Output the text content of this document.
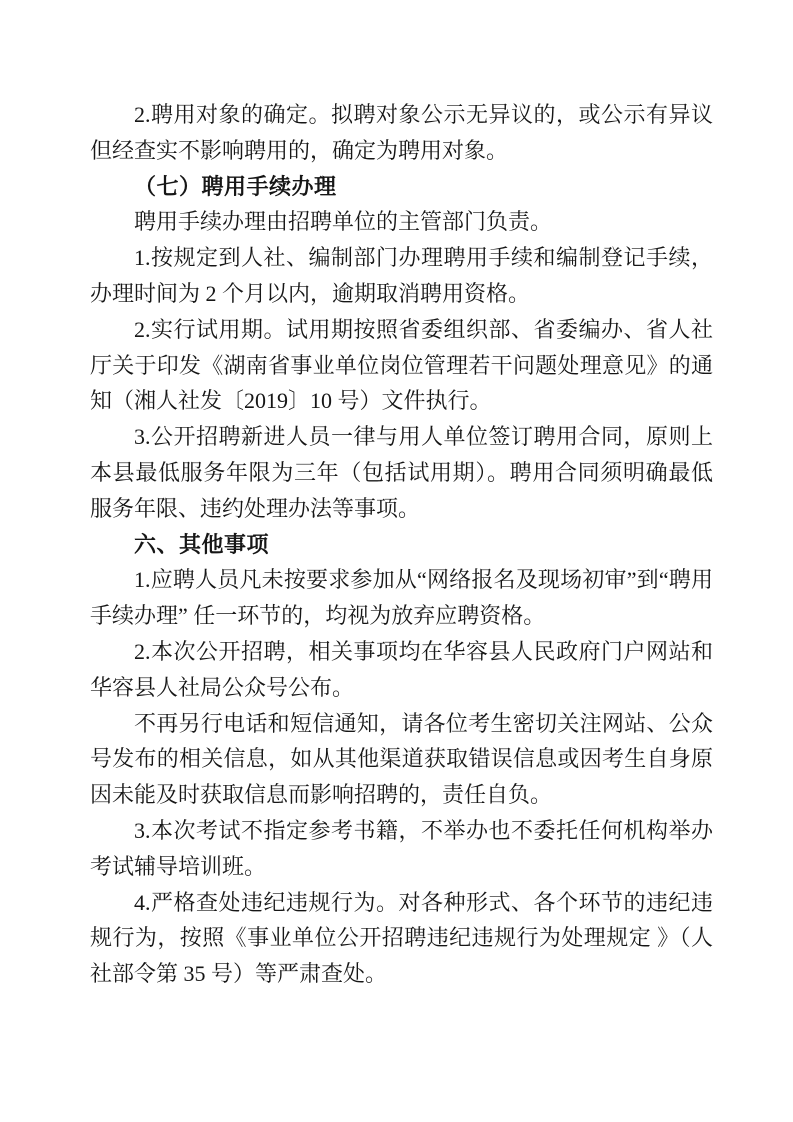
2.聘用对象的确定。拟聘对象公示无异议的，或公示有异议但经查实不影响聘用的，确定为聘用对象。

（七）聘用手续办理

聘用手续办理由招聘单位的主管部门负责。

1.按规定到人社、编制部门办理聘用手续和编制登记手续，办理时间为 2 个月以内，逾期取消聘用资格。

2.实行试用期。试用期按照省委组织部、省委编办、省人社厅关于印发《湖南省事业单位岗位管理若干问题处理意见》的通知（湘人社发〔2019〕10 号）文件执行。

3.公开招聘新进人员一律与用人单位签订聘用合同，原则上本县最低服务年限为三年（包括试用期）。聘用合同须明确最低服务年限、违约处理办法等事项。

六、其他事项

1.应聘人员凡未按要求参加从“网络报名及现场初审”到“聘用手续办理” 任一环节的，均视为放弃应聘资格。

2.本次公开招聘，相关事项均在华容县人民政府门户网站和华容县人社局公众号公布。

不再另行电话和短信通知，请各位考生密切关注网站、公众号发布的相关信息，如从其他渠道获取错误信息或因考生自身原因未能及时获取信息而影响招聘的，责任自负。

3.本次考试不指定参考书籍，不举办也不委托任何机构举办考试辅导培训班。

4.严格查处违纪违规行为。对各种形式、各个环节的违纪违规行为，按照《事业单位公开招聘违纪违规行为处理规定 》（人社部令第 35 号）等严肃查处。
